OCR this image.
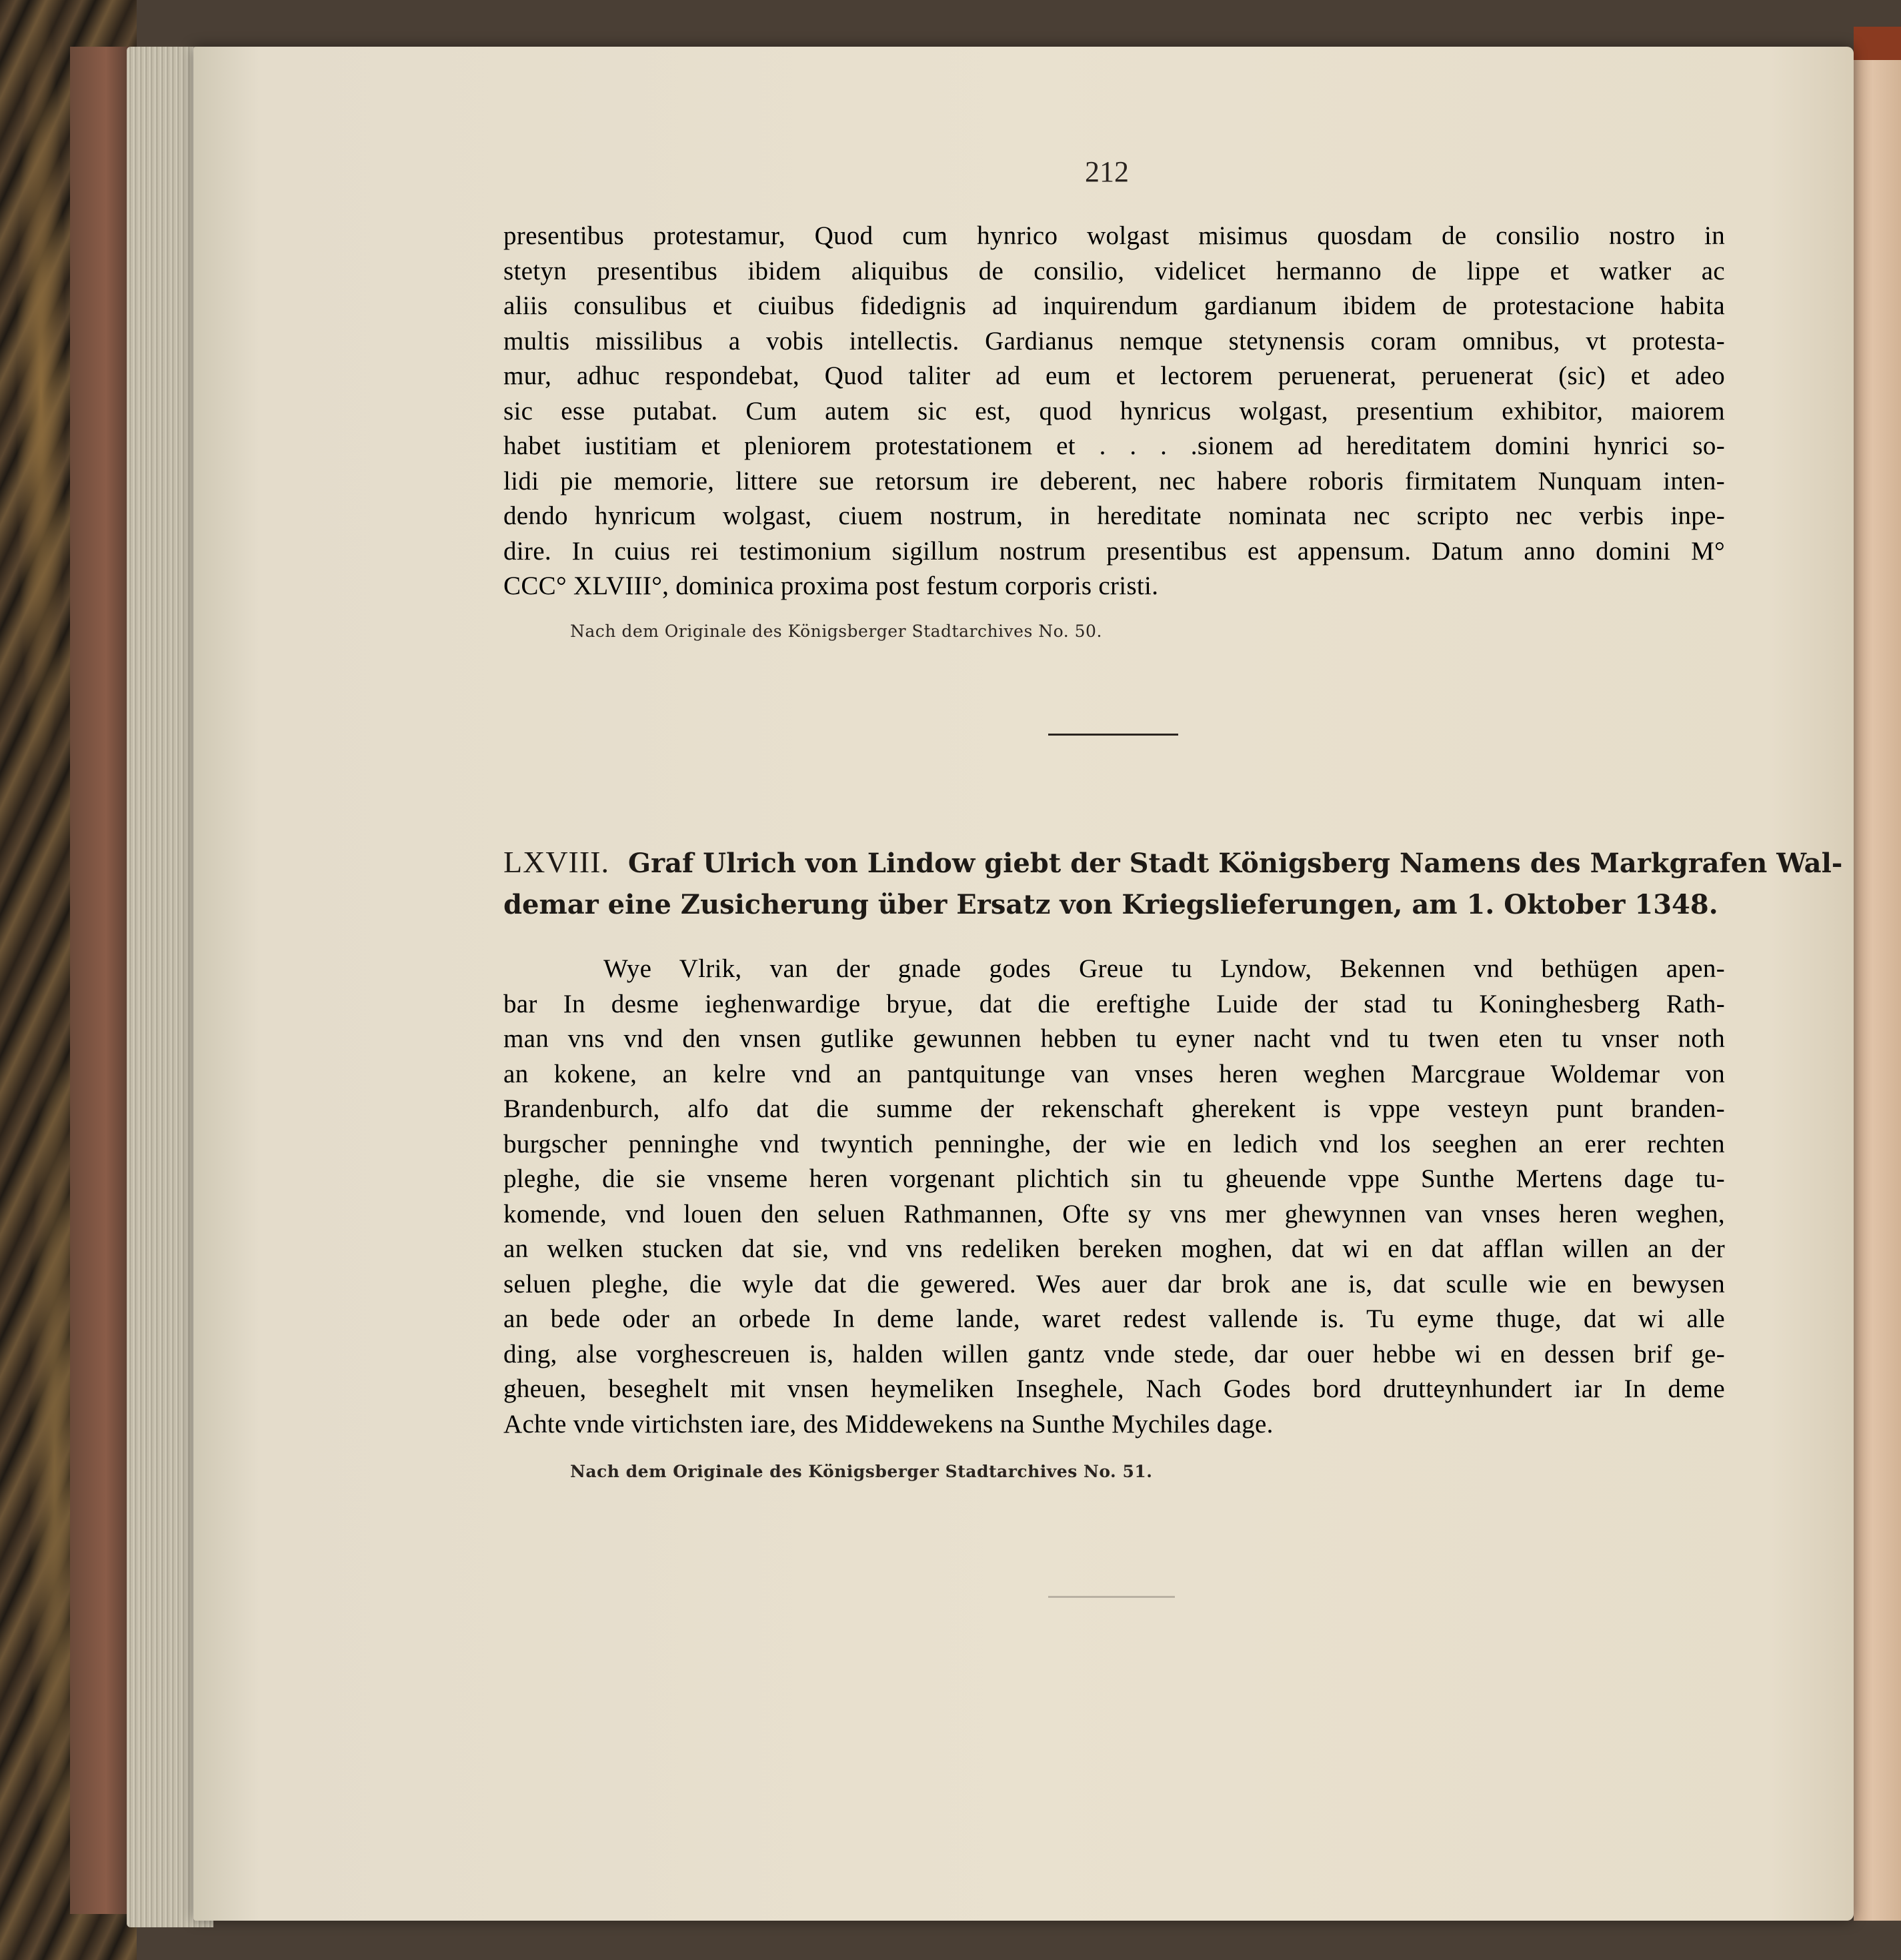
212
presentibus protestamur, Quod cum hynrico wolgast misimus quosdam de consilio nostro in
stetyn presentibus ibidem aliquibus de consilio, videlicet hermanno de lippe et watker ac
aliis consulibus et ciuibus fidedignis ad inquirendum gardianum ibidem de protestacione habita
multis missilibus a vobis intellectis. Gardianus nemque stetynensis coram omnibus, vt protesta-
mur, adhuc respondebat, Quod taliter ad eum et lectorem peruenerat, peruenerat (sic) et adeo
sic esse putabat. Cum autem sic est, quod hynricus wolgast, presentium exhibitor, maiorem
habet iustitiam et pleniorem protestationem et . . . .sionem ad hereditatem domini hynrici so-
lidi pie memorie, littere sue retorsum ire deberent, nec habere roboris firmitatem Nunquam inten-
dendo hynricum wolgast, ciuem nostrum, in hereditate nominata nec scripto nec verbis inpe-
dire. In cuius rei testimonium sigillum nostrum presentibus est appensum. Datum anno domini M°
CCC° XLVIII°, dominica proxima post festum corporis cristi.
Nach dem Originale des Königsberger Stadtarchives No. 50.
LXVIII. Graf Ulrich von Lindow giebt der Stadt Königsberg Namens des Markgrafen Wal-
demar eine Zusicherung über Ersatz von Kriegslieferungen, am 1. Oktober 1348.
Wye Vlrik, van der gnade godes Greue tu Lyndow, Bekennen vnd bethügen apen-
bar In desme ieghenwardige bryue, dat die ereftighe Luide der stad tu Koninghesberg Rath-
man vns vnd den vnsen gutlike gewunnen hebben tu eyner nacht vnd tu twen eten tu vnser noth
an kokene, an kelre vnd an pantquitunge van vnses heren weghen Marcgraue Woldemar von
Brandenburch, alfo dat die summe der rekenschaft gherekent is vppe vesteyn punt branden-
burgscher penninghe vnd twyntich penninghe, der wie en ledich vnd los seeghen an erer rechten
pleghe, die sie vnseme heren vorgenant plichtich sin tu gheuende vppe Sunthe Mertens dage tu-
komende, vnd louen den seluen Rathmannen, Ofte sy vns mer ghewynnen van vnses heren weghen,
an welken stucken dat sie, vnd vns redeliken bereken moghen, dat wi en dat afflan willen an der
seluen pleghe, die wyle dat die gewered. Wes auer dar brok ane is, dat sculle wie en bewysen
an bede oder an orbede In deme lande, waret redest vallende is. Tu eyme thuge, dat wi alle
ding, alse vorghescreuen is, halden willen gantz vnde stede, dar ouer hebbe wi en dessen brif ge-
gheuen, beseghelt mit vnsen heymeliken Inseghele, Nach Godes bord drutteynhundert iar In deme
Achte vnde virtichsten iare, des Middewekens na Sunthe Mychiles dage.
Nach dem Originale des Königsberger Stadtarchives No. 51.
